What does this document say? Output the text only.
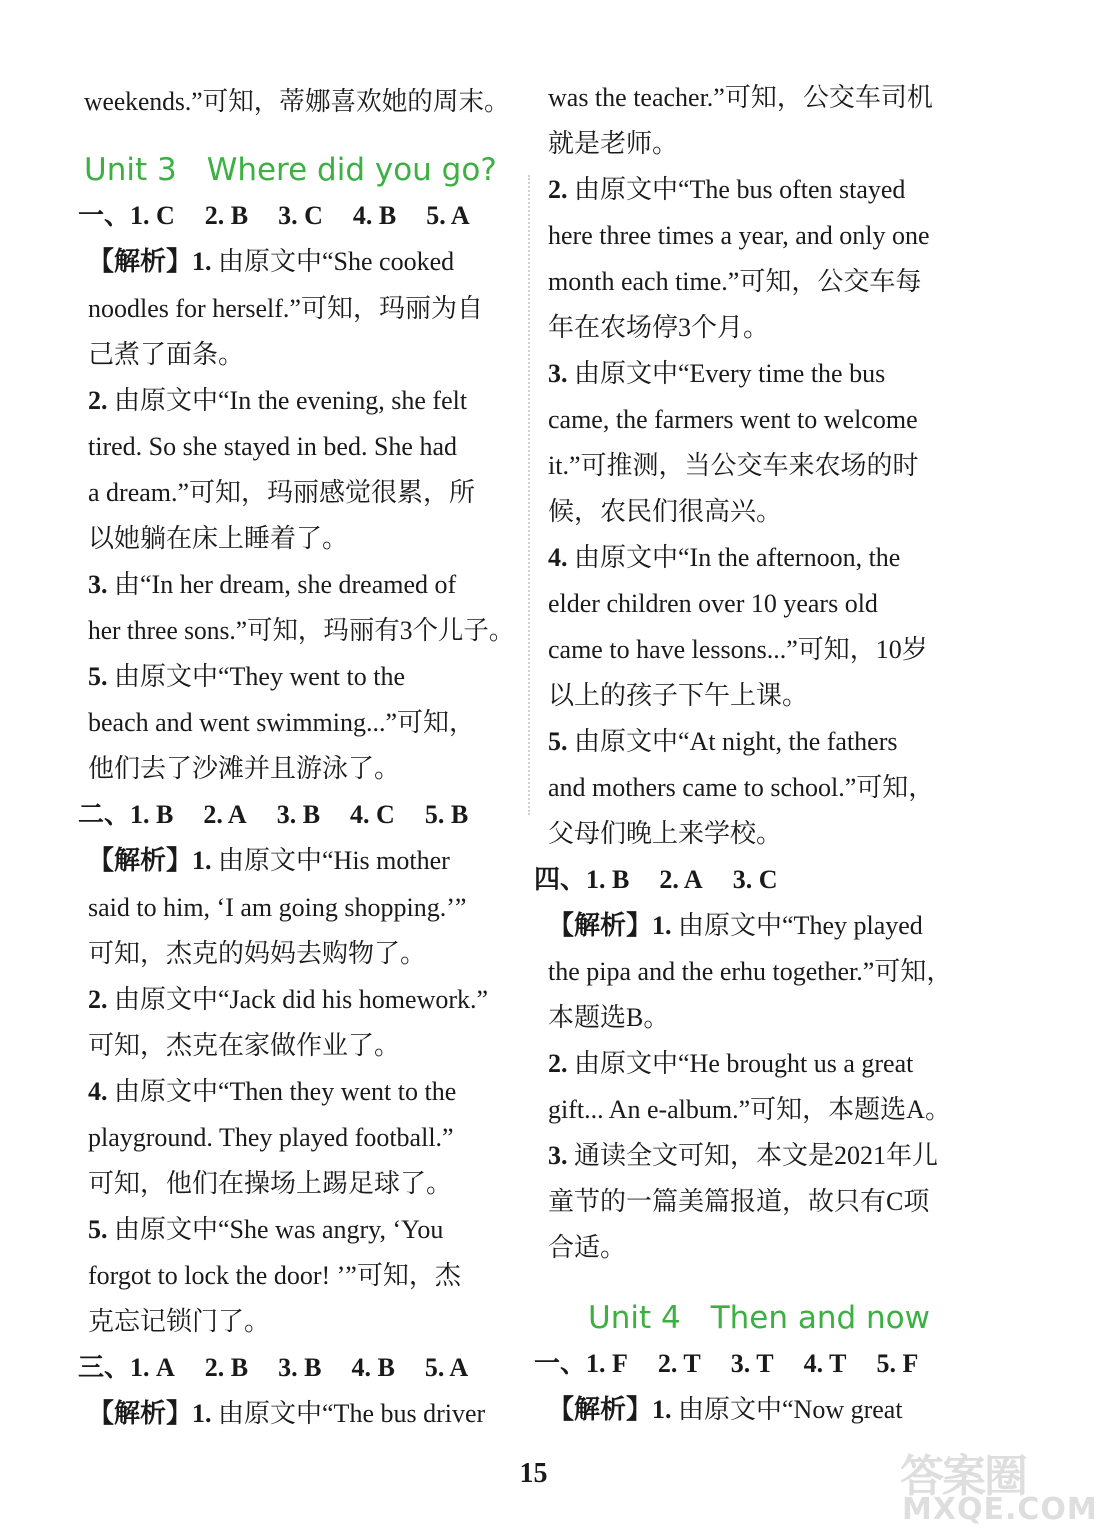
weekends.”可知，蒂娜喜欢她的周末。
Unit 3 Where did you go?
一、1. C 2. B 3. C 4. B 5. A
【解析】1. 由原文中“She cooked
noodles for herself.”可知，玛丽为自
己煮了面条。
2. 由原文中“In the evening, she felt
tired. So she stayed in bed. She had
a dream.”可知，玛丽感觉很累，所
以她躺在床上睡着了。
3. 由“In her dream, she dreamed of
her three sons.”可知，玛丽有3个儿子。
5. 由原文中“They went to the
beach and went swimming...”可知，
他们去了沙滩并且游泳了。
二、1. B 2. A 3. B 4. C 5. B
【解析】1. 由原文中“His mother
said to him, ‘I am going shopping.’”
可知，杰克的妈妈去购物了。
2. 由原文中“Jack did his homework.”
可知，杰克在家做作业了。
4. 由原文中“Then they went to the
playground. They played football.”
可知，他们在操场上踢足球了。
5. 由原文中“She was angry, ‘You
forgot to lock the door! ’”可知，杰
克忘记锁门了。
三、1. A 2. B 3. B 4. B 5. A
【解析】1. 由原文中“The bus driver
was the teacher.”可知，公交车司机
就是老师。
2. 由原文中“The bus often stayed
here three times a year, and only one
month each time.”可知，公交车每
年在农场停3个月。
3. 由原文中“Every time the bus
came, the farmers went to welcome
it.”可推测，当公交车来农场的时
候，农民们很高兴。
4. 由原文中“In the afternoon, the
elder children over 10 years old
came to have lessons...”可知，10岁
以上的孩子下午上课。
5. 由原文中“At night, the fathers
and mothers came to school.”可知，
父母们晚上来学校。
四、1. B 2. A 3. C
【解析】1. 由原文中“They played
the pipa and the erhu together.”可知，
本题选B。
2. 由原文中“He brought us a great
gift... An e-album.”可知，本题选A。
3. 通读全文可知，本文是2021年儿
童节的一篇美篇报道，故只有C项
合适。
Unit 4 Then and now
一、1. F 2. T 3. T 4. T 5. F
【解析】1. 由原文中“Now great
15	答案圈
MXQE.COM
